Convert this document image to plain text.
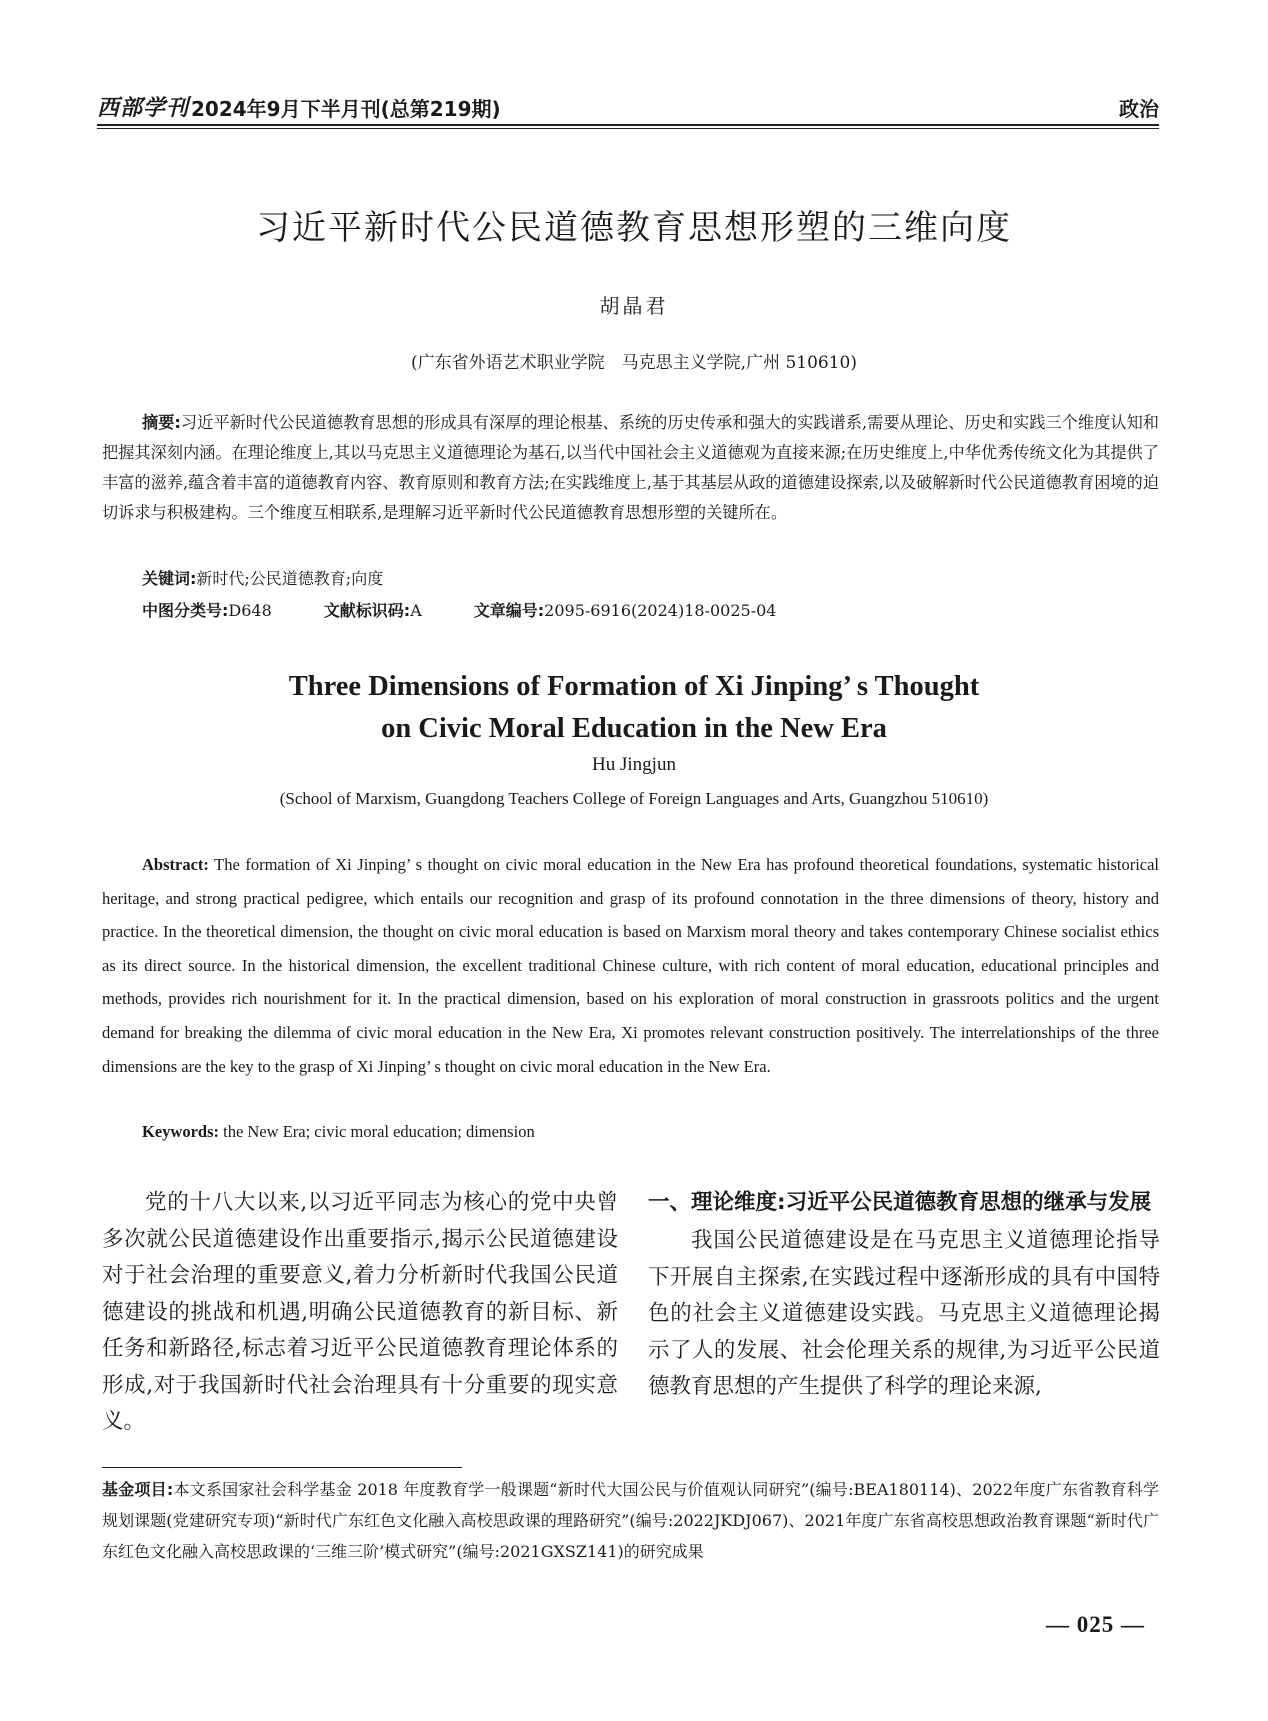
西部学刊 2024年9月下半月刊(总第219期)	政治
习近平新时代公民道德教育思想形塑的三维向度
胡晶君
(广东省外语艺术职业学院　马克思主义学院,广州 510610)
摘要:习近平新时代公民道德教育思想的形成具有深厚的理论根基、系统的历史传承和强大的实践谱系,需要从理论、历史和实践三个维度认知和把握其深刻内涵。在理论维度上,其以马克思主义道德理论为基石,以当代中国社会主义道德观为直接来源;在历史维度上,中华优秀传统文化为其提供了丰富的滋养,蕴含着丰富的道德教育内容、教育原则和教育方法;在实践维度上,基于其基层从政的道德建设探索,以及破解新时代公民道德教育困境的迫切诉求与积极建构。三个维度互相联系,是理解习近平新时代公民道德教育思想形塑的关键所在。
关键词:新时代;公民道德教育;向度
中图分类号:D648	文献标识码:A	文章编号:2095-6916(2024)18-0025-04
Three Dimensions of Formation of Xi Jinping’ s Thought
on Civic Moral Education in the New Era
Hu Jingjun
(School of Marxism, Guangdong Teachers College of Foreign Languages and Arts, Guangzhou 510610)
Abstract: The formation of Xi Jinping’ s thought on civic moral education in the New Era has profound theoretical foundations, systematic historical heritage, and strong practical pedigree, which entails our recognition and grasp of its profound connotation in the three dimensions of theory, history and practice. In the theoretical dimension, the thought on civic moral education is based on Marxism moral theory and takes contemporary Chinese socialist ethics as its direct source. In the historical dimension, the excellent traditional Chinese culture, with rich content of moral education, educational principles and methods, provides rich nourishment for it. In the practical dimension, based on his exploration of moral construction in grassroots politics and the urgent demand for breaking the dilemma of civic moral education in the New Era, Xi promotes relevant construction positively. The interrelationships of the three dimensions are the key to the grasp of Xi Jinping’ s thought on civic moral education in the New Era.
Keywords: the New Era; civic moral education; dimension
党的十八大以来,以习近平同志为核心的党中央曾多次就公民道德建设作出重要指示,揭示公民道德建设对于社会治理的重要意义,着力分析新时代我国公民道德建设的挑战和机遇,明确公民道德教育的新目标、新任务和新路径,标志着习近平公民道德教育理论体系的形成,对于我国新时代社会治理具有十分重要的现实意义。
一、理论维度:习近平公民道德教育思想的继承与发展
我国公民道德建设是在马克思主义道德理论指导下开展自主探索,在实践过程中逐渐形成的具有中国特色的社会主义道德建设实践。马克思主义道德理论揭示了人的发展、社会伦理关系的规律,为习近平公民道德教育思想的产生提供了科学的理论来源,
基金项目:本文系国家社会科学基金 2018 年度教育学一般课题“新时代大国公民与价值观认同研究”(编号:BEA180114)、2022年度广东省教育科学规划课题(党建研究专项)“新时代广东红色文化融入高校思政课的理路研究”(编号:2022JKDJ067)、2021年度广东省高校思想政治教育课题“新时代广东红色文化融入高校思政课的‘三维三阶’模式研究”(编号:2021GXSZ141)的研究成果
— 025 —
